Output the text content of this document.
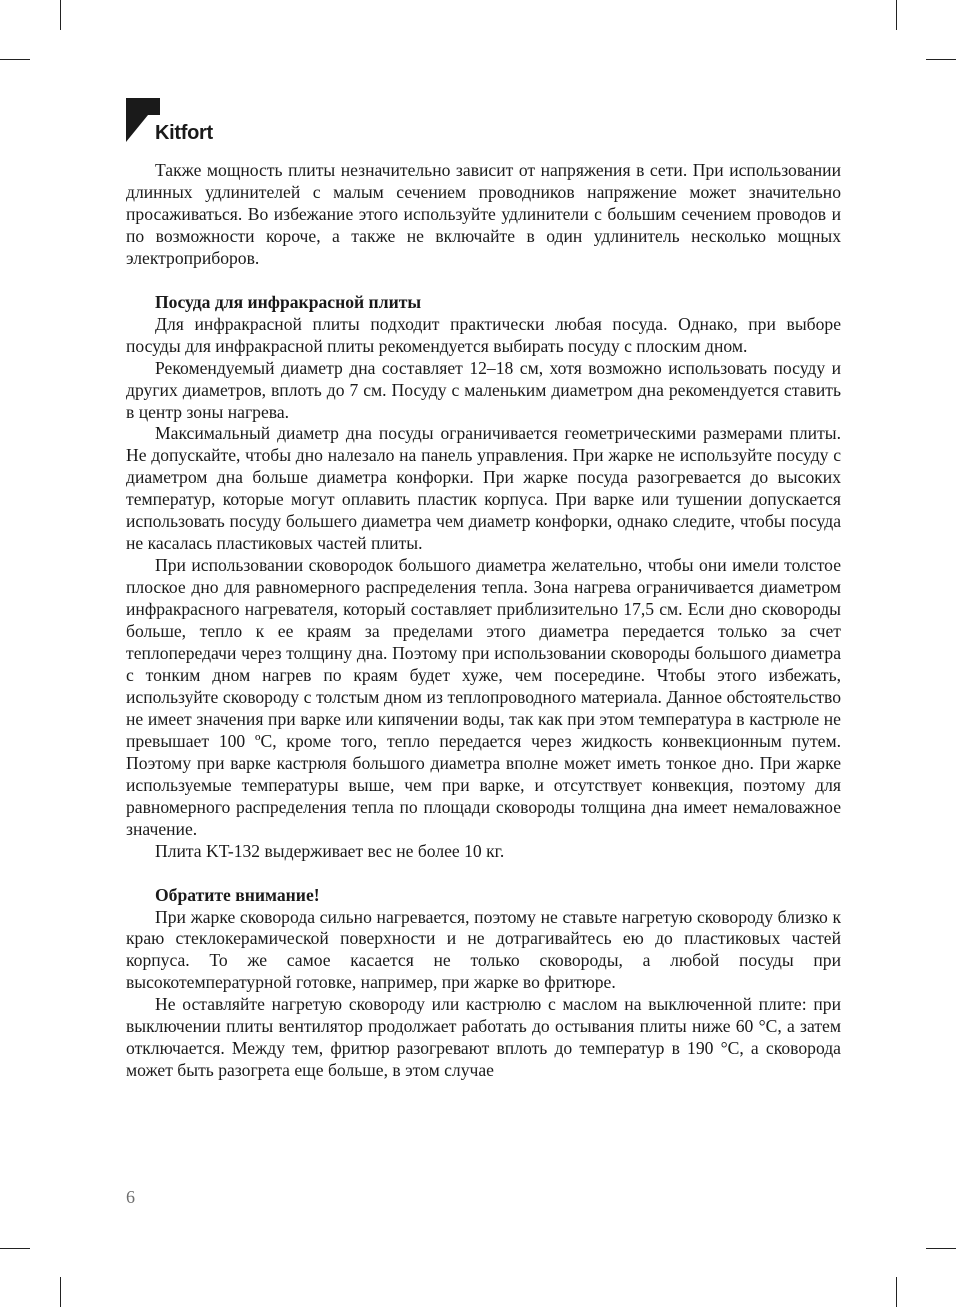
Kitfort

Также мощность плиты незначительно зависит от напряжения в сети. При использовании длинных удлинителей с малым сечением проводников напряжение может значительно просаживаться. Во избежание этого используйте удлинители с большим сечением проводов и по возможности короче, а также не включайте в один удлинитель несколько мощных электроприборов.

Посуда для инфракрасной плиты

Для инфракрасной плиты подходит практически любая посуда. Однако, при выборе посуды для инфракрасной плиты рекомендуется выбирать посуду с плоским дном.

Рекомендуемый диаметр дна составляет 12–18 см, хотя возможно использовать посуду и других диаметров, вплоть до 7 см. Посуду с маленьким диаметром дна рекомендуется ставить в центр зоны нагрева.

Максимальный диаметр дна посуды ограничивается геометрическими размерами плиты. Не допускайте, чтобы дно налезало на панель управления. При жарке не используйте посуду с диаметром дна больше диаметра конфорки. При жарке посуда разогревается до высоких температур, которые могут оплавить пластик корпуса. При варке или тушении допускается использовать посуду большего диаметра чем диаметр конфорки, однако следите, чтобы посуда не касалась пластиковых частей плиты.

При использовании сковородок большого диаметра желательно, чтобы они имели толстое плоское дно для равномерного распределения тепла. Зона нагрева ограничивается диаметром инфракрасного нагревателя, который составляет приблизительно 17,5 см. Если дно сковороды больше, тепло к ее краям за пределами этого диаметра передается только за счет теплопередачи через толщину дна. Поэтому при использовании сковороды большого диаметра с тонким дном нагрев по краям будет хуже, чем посередине. Чтобы этого избежать, используйте сковороду с толстым дном из теплопроводного материала. Данное обстоятельство не имеет значения при варке или кипячении воды, так как при этом температура в кастрюле не превышает 100 ºC, кроме того, тепло передается через жидкость конвекционным путем. Поэтому при варке кастрюля большого диаметра вполне может иметь тонкое дно. При жарке используемые температуры выше, чем при варке, и отсутствует конвекция, поэтому для равномерного распределения тепла по площади сковороды толщина дна имеет немаловажное значение.

Плита KT-132 выдерживает вес не более 10 кг.

Обратите внимание!

При жарке сковорода сильно нагревается, поэтому не ставьте нагретую сковороду близко к краю стеклокерамической поверхности и не дотрагивайтесь ею до пластиковых частей корпуса. То же самое касается не только сковороды, а любой посуды при высокотемпературной готовке, например, при жарке во фритюре.

Не оставляйте нагретую сковороду или кастрюлю с маслом на выключенной плите: при выключении плиты вентилятор продолжает работать до остывания плиты ниже 60 °C, а затем отключается. Между тем, фритюр разогревают вплоть до температур в 190 °C, а сковорода может быть разогрета еще больше, в этом случае

6
